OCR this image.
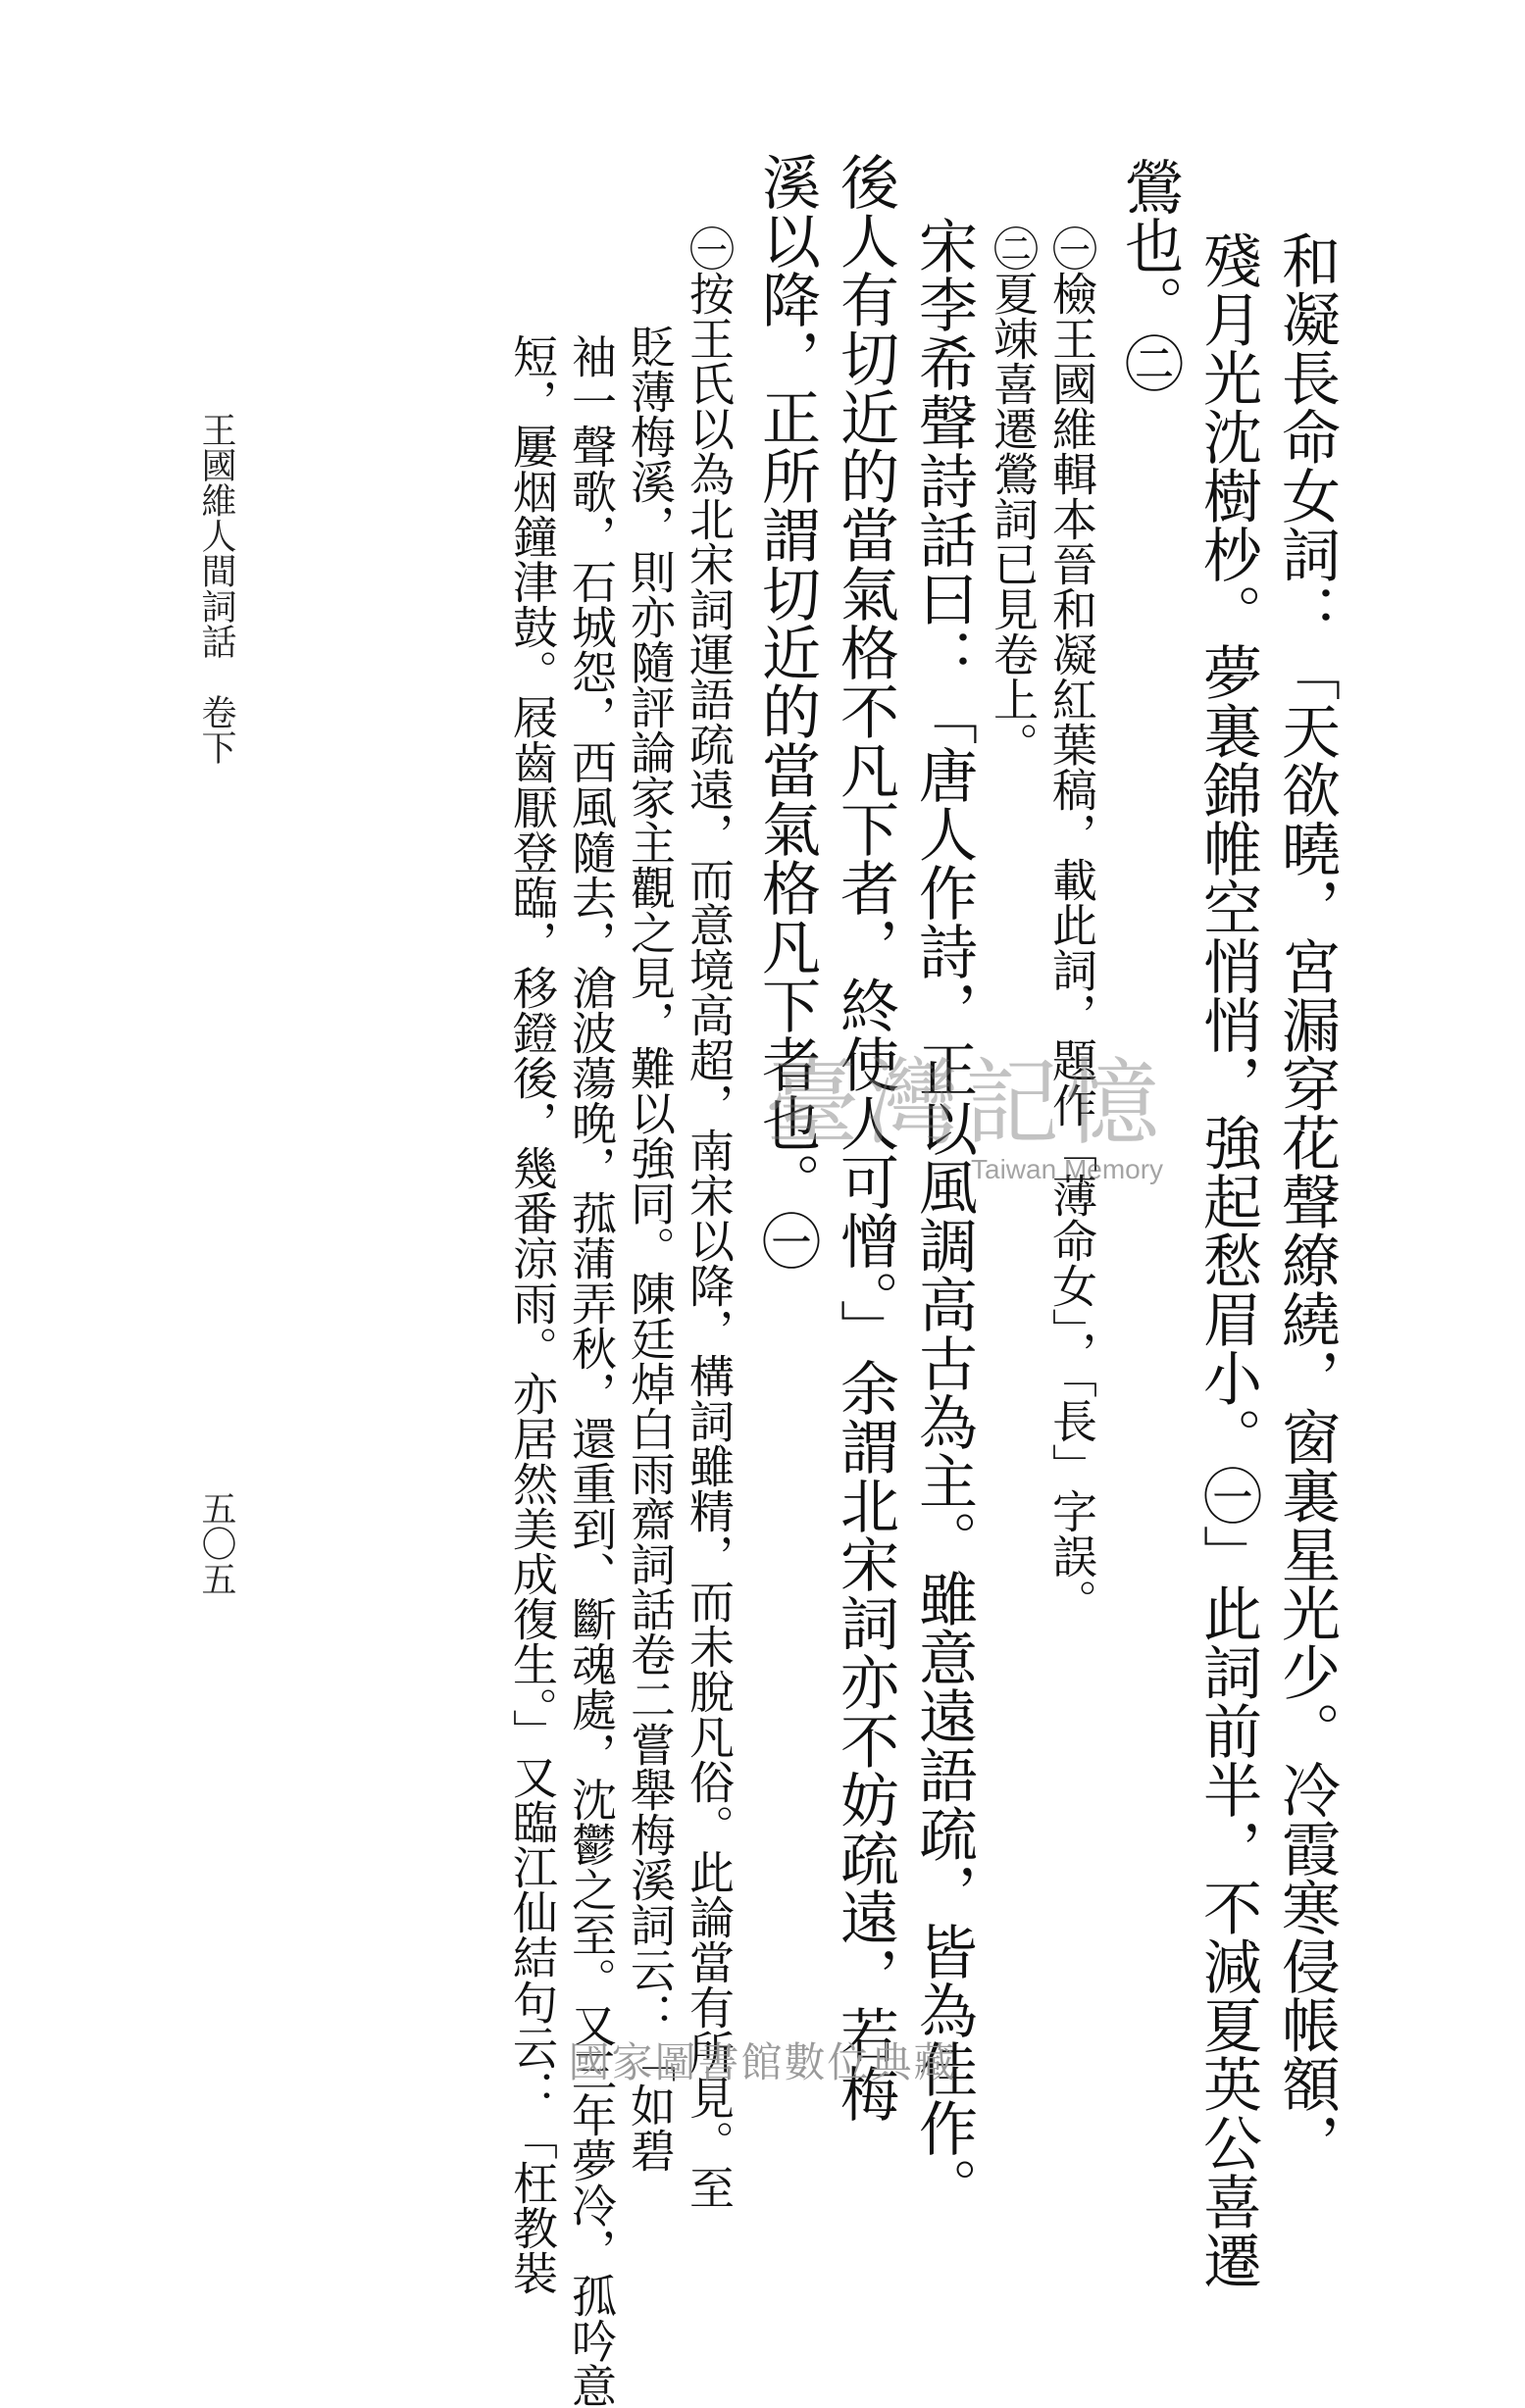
和凝長命女詞：「天欲曉，宮漏穿花聲繚繞，窗裏星光少。冷霞寒侵帳額，
殘月光沈樹杪。夢裏錦帷空悄悄，強起愁眉小。㊀」此詞前半，不減夏英公喜遷
鶯也。㊁
㊀檢王國維輯本晉和凝紅葉稿，載此詞，題作「薄命女」，「長」字誤。
㊁夏竦喜遷鶯詞已見卷上。
宋李希聲詩話曰：「唐人作詩，正以風調高古為主。雖意遠語疏，皆為佳作。
後人有切近的當氣格不凡下者，終使人可憎。」余謂北宋詞亦不妨疏遠，若梅
溪以降，正所謂切近的當氣格凡下者也。㊀
㊀按王氏以為北宋詞運語疏遠，而意境高超，南宋以降，構詞雖精，而未脫凡俗。此論當有所見。至
貶薄梅溪，則亦隨評論家主觀之見，難以強同。陳廷焯白雨齋詞話卷二嘗舉梅溪詞云：「如碧
袖一聲歌，石城怨，西風隨去，滄波蕩晚，菰蒲弄秋，還重到、斷魂處，沈鬱之至。又三年夢冷，孤吟意
短，屢烟鐘津鼓。屐齒厭登臨，移鐙後，幾番涼雨。亦居然美成復生。」又臨江仙結句云：「枉教裝
王國維人間詞話　卷下
五〇五
臺灣記憶
Taiwan Memory
國家圖書館數位典藏
